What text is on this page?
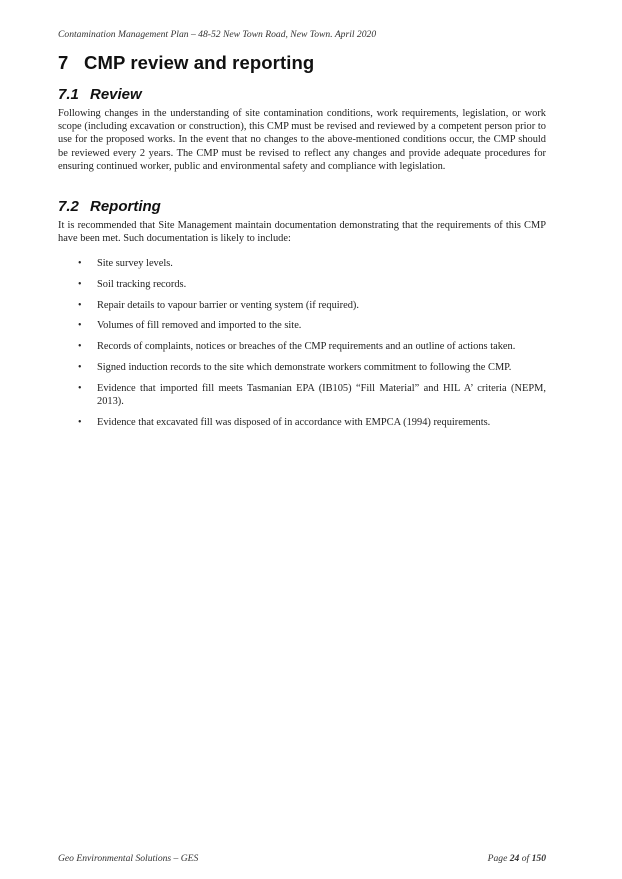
Contamination Management Plan – 48-52 New Town Road, New Town. April 2020
7 CMP review and reporting
7.1 Review
Following changes in the understanding of site contamination conditions, work requirements, legislation, or work scope (including excavation or construction), this CMP must be revised and reviewed by a competent person prior to use for the proposed works. In the event that no changes to the above-mentioned conditions occur, the CMP should be reviewed every 2 years. The CMP must be revised to reflect any changes and provide adequate procedures for ensuring continued worker, public and environmental safety and compliance with legislation.
7.2 Reporting
It is recommended that Site Management maintain documentation demonstrating that the requirements of this CMP have been met. Such documentation is likely to include:
• Site survey levels.
• Soil tracking records.
• Repair details to vapour barrier or venting system (if required).
• Volumes of fill removed and imported to the site.
• Records of complaints, notices or breaches of the CMP requirements and an outline of actions taken.
• Signed induction records to the site which demonstrate workers commitment to following the CMP.
• Evidence that imported fill meets Tasmanian EPA (IB105) “Fill Material” and HIL A’ criteria (NEPM, 2013).
• Evidence that excavated fill was disposed of in accordance with EMPCA (1994) requirements.
Geo Environmental Solutions – GES	Page 24 of 150
